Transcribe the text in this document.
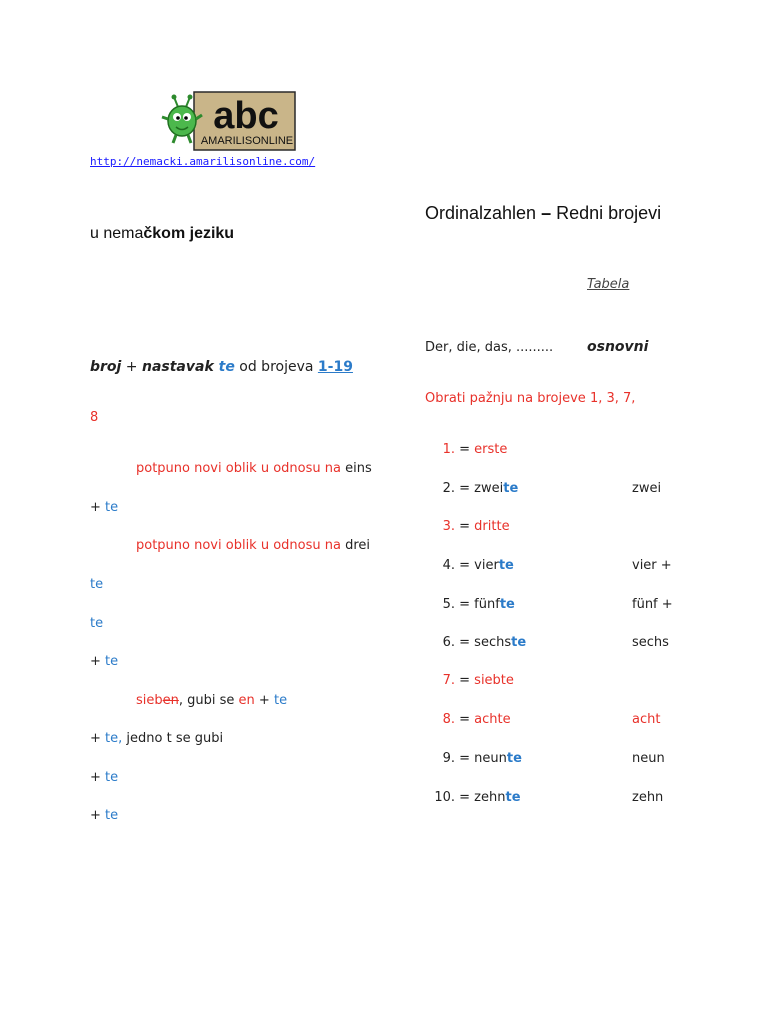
abc
AMARILISONLINE
http://nemacki.amarilisonline.com/
u nemačkom jeziku
Ordinalzahlen – Redni brojevi
Tabela
broj + nastavak te od brojeva 1-19
8
potpuno novi oblik u odnosu na eins
+ te
potpuno novi oblik u odnosu na drei
te
te
+ te
sieben, gubi se en + te
+ te, jedno t se gubi
+ te
+ te
Der, die, das, ......... osnovni
Obrati pažnju na brojeve 1, 3, 7,
1. = erste
2. = zweite	zwei
3. = dritte
4. = vierte	vier +
5. = fünfte	fünf +
6. = sechste	sechs
7. = siebte
8. = achte	acht
9. = neunte	neun
10. = zehnte	zehn
